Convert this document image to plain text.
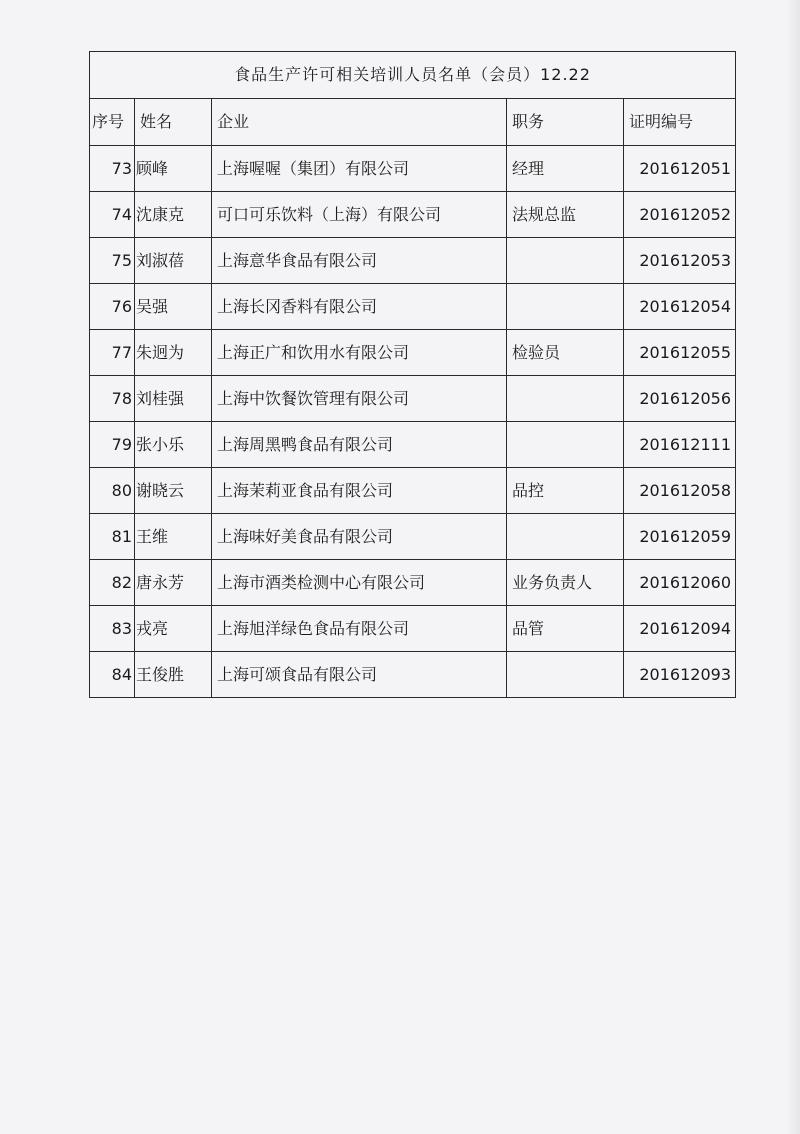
食品生产许可相关培训人员名单（会员）12.22				
序号	姓名	企业	职务	证明编号
73	顾峰	上海喔喔（集团）有限公司	经理	201612051
74	沈康克	可口可乐饮料（上海）有限公司	法规总监	201612052
75	刘淑蓓	上海意华食品有限公司		201612053
76	吴强	上海长冈香料有限公司		201612054
77	朱迥为	上海正广和饮用水有限公司	检验员	201612055
78	刘桂强	上海中饮餐饮管理有限公司		201612056
79	张小乐	上海周黑鸭食品有限公司		201612111
80	谢晓云	上海茉莉亚食品有限公司	品控	201612058
81	王维	上海味好美食品有限公司		201612059
82	唐永芳	上海市酒类检测中心有限公司	业务负责人	201612060
83	戎亮	上海旭洋绿色食品有限公司	品管	201612094
84	王俊胜	上海可颂食品有限公司		201612093
